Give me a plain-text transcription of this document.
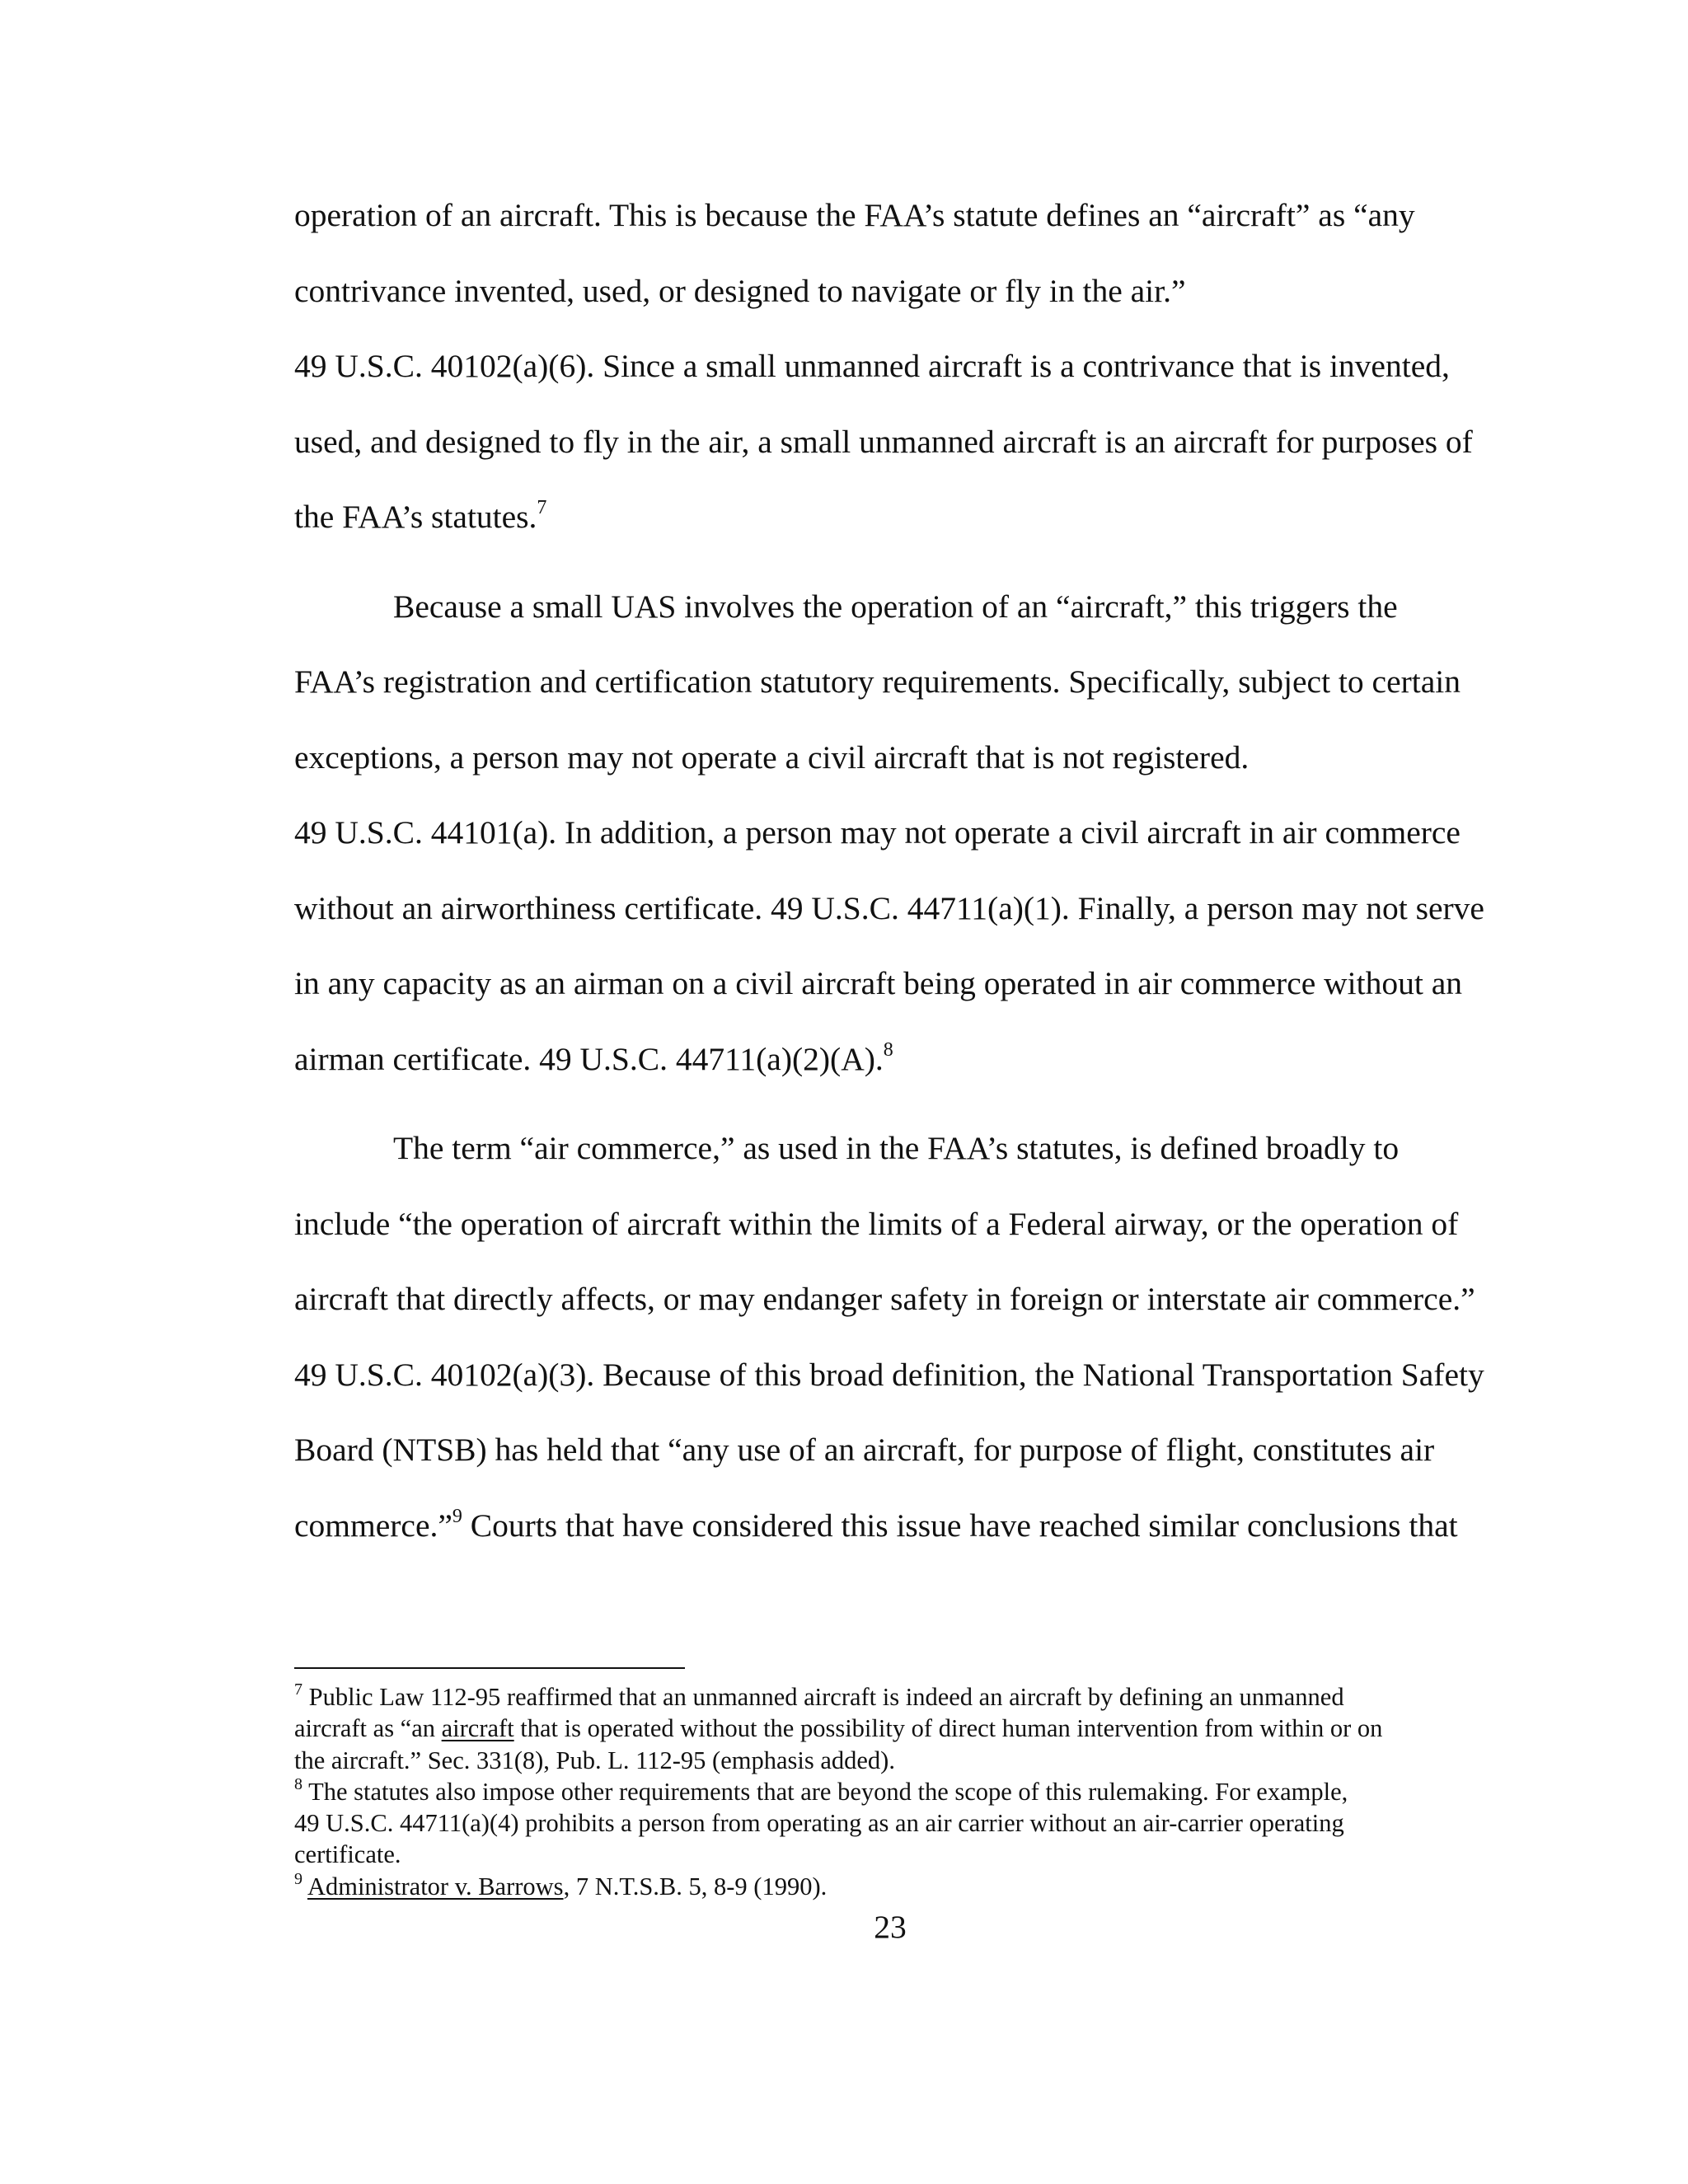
operation of an aircraft. This is because the FAA’s statute defines an “aircraft” as “any
contrivance invented, used, or designed to navigate or fly in the air.”
49 U.S.C. 40102(a)(6). Since a small unmanned aircraft is a contrivance that is invented,
used, and designed to fly in the air, a small unmanned aircraft is an aircraft for purposes of
the FAA’s statutes.$^7$
Because a small UAS involves the operation of an “aircraft,” this triggers the
FAA’s registration and certification statutory requirements. Specifically, subject to certain
exceptions, a person may not operate a civil aircraft that is not registered.
49 U.S.C. 44101(a). In addition, a person may not operate a civil aircraft in air commerce
without an airworthiness certificate. 49 U.S.C. 44711(a)(1). Finally, a person may not serve
in any capacity as an airman on a civil aircraft being operated in air commerce without an
airman certificate. 49 U.S.C. 44711(a)(2)(A).$^8$
The term “air commerce,” as used in the FAA’s statutes, is defined broadly to
include “the operation of aircraft within the limits of a Federal airway, or the operation of
aircraft that directly affects, or may endanger safety in foreign or interstate air commerce.”
49 U.S.C. 40102(a)(3). Because of this broad definition, the National Transportation Safety
Board (NTSB) has held that “any use of an aircraft, for purpose of flight, constitutes air
commerce.”$^9$ Courts that have considered this issue have reached similar conclusions that
$^7$ Public Law 112-95 reaffirmed that an unmanned aircraft is indeed an aircraft by defining an unmanned
aircraft as “an aircraft that is operated without the possibility of direct human intervention from within or on
the aircraft.” Sec. 331(8), Pub. L. 112-95 (emphasis added).
$^8$ The statutes also impose other requirements that are beyond the scope of this rulemaking. For example,
49 U.S.C. 44711(a)(4) prohibits a person from operating as an air carrier without an air-carrier operating
certificate.
$^9$ Administrator v. Barrows, 7 N.T.S.B. 5, 8-9 (1990).
23
